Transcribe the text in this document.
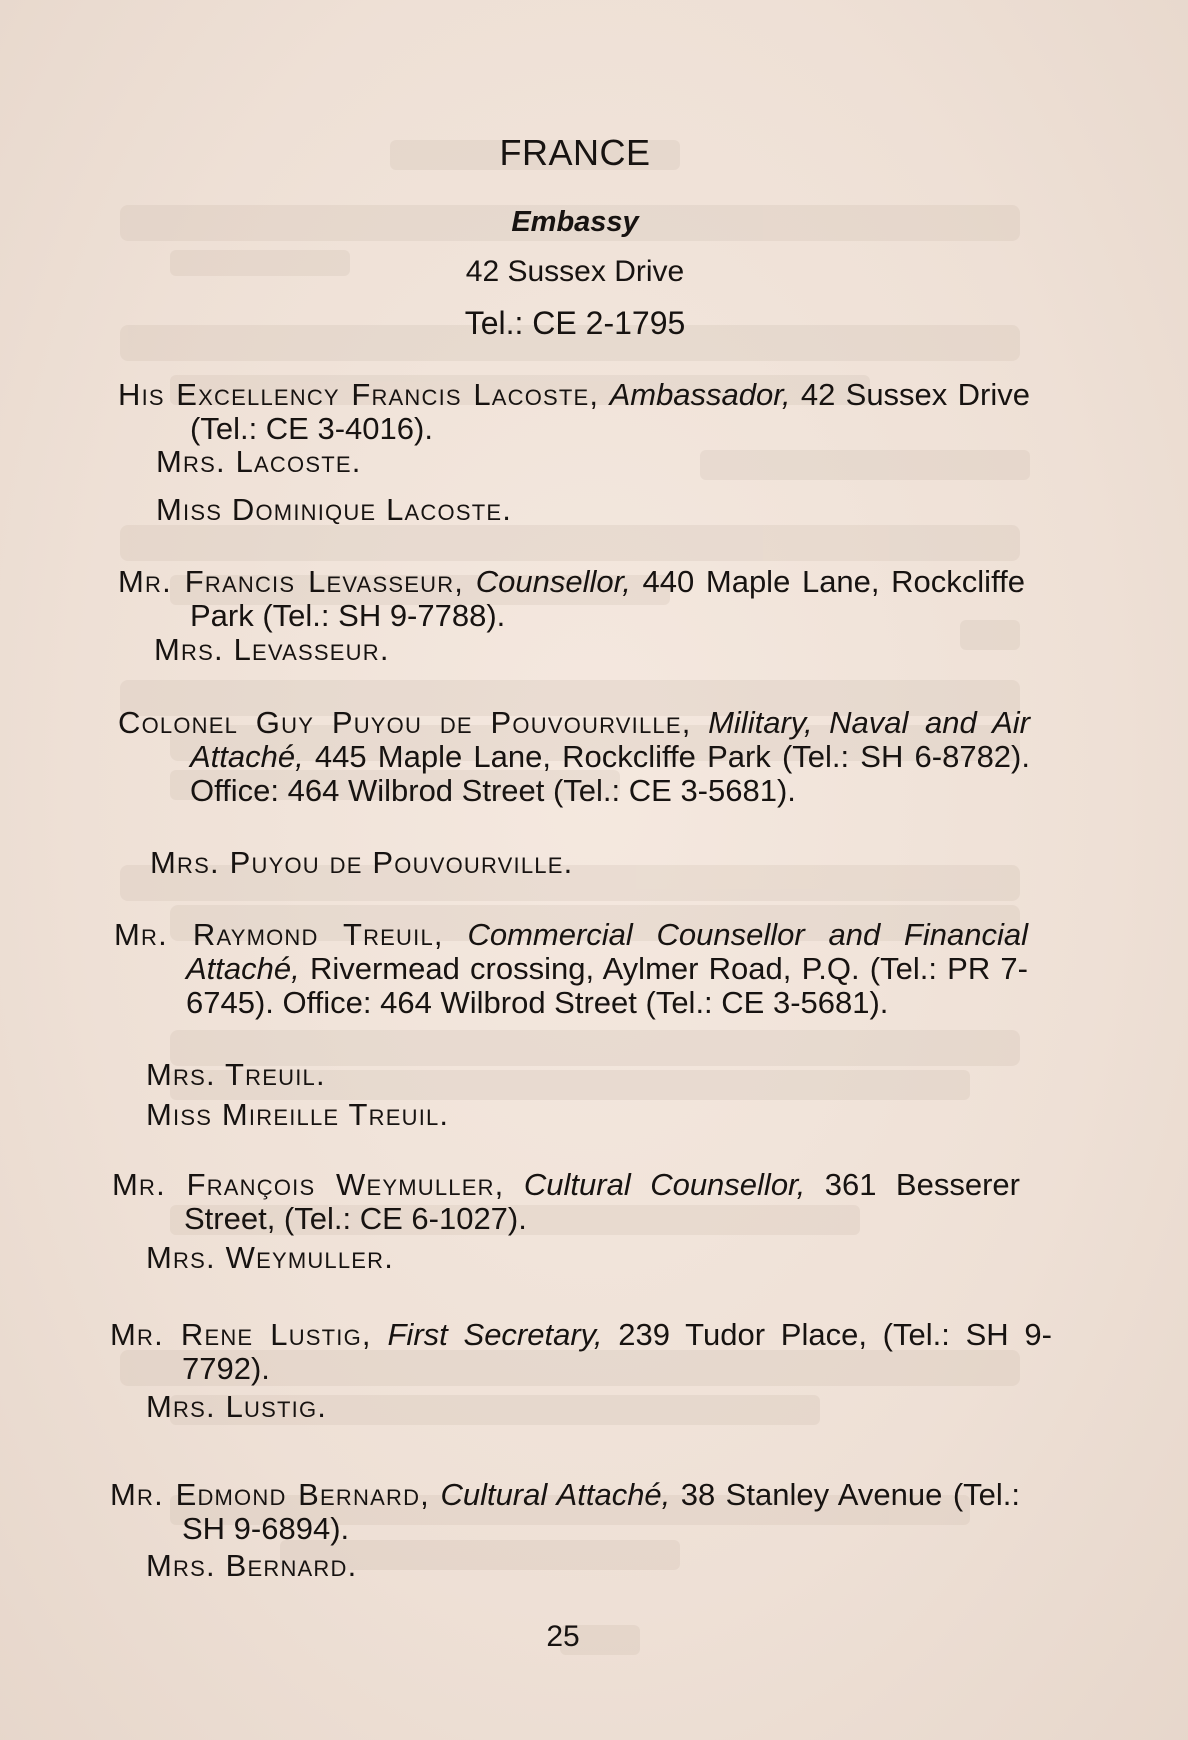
FRANCE
Embassy
42 Sussex Drive
Tel.: CE 2-1795
His Excellency Francis Lacoste, Ambassador, 42 Sussex Drive (Tel.: CE 3-4016).
Mrs. Lacoste.
Miss Dominique Lacoste.
Mr. Francis Levasseur, Counsellor, 440 Maple Lane, Rockcliffe Park (Tel.: SH 9-7788).
Mrs. Levasseur.
Colonel Guy Puyou de Pouvourville, Military, Naval and Air Attaché, 445 Maple Lane, Rockcliffe Park (Tel.: SH 6-8782). Office: 464 Wilbrod Street (Tel.: CE 3-5681).
Mrs. Puyou de Pouvourville.
Mr. Raymond Treuil, Commercial Counsellor and Financial Attaché, Rivermead crossing, Aylmer Road, P.Q. (Tel.: PR 7-6745). Office: 464 Wilbrod Street (Tel.: CE 3-5681).
Mrs. Treuil.
Miss Mireille Treuil.
Mr. François Weymuller, Cultural Counsellor, 361 Besserer Street, (Tel.: CE 6-1027).
Mrs. Weymuller.
Mr. Rene Lustig, First Secretary, 239 Tudor Place, (Tel.: SH 9-7792).
Mrs. Lustig.
Mr. Edmond Bernard, Cultural Attaché, 38 Stanley Avenue (Tel.: SH 9-6894).
Mrs. Bernard.
25
